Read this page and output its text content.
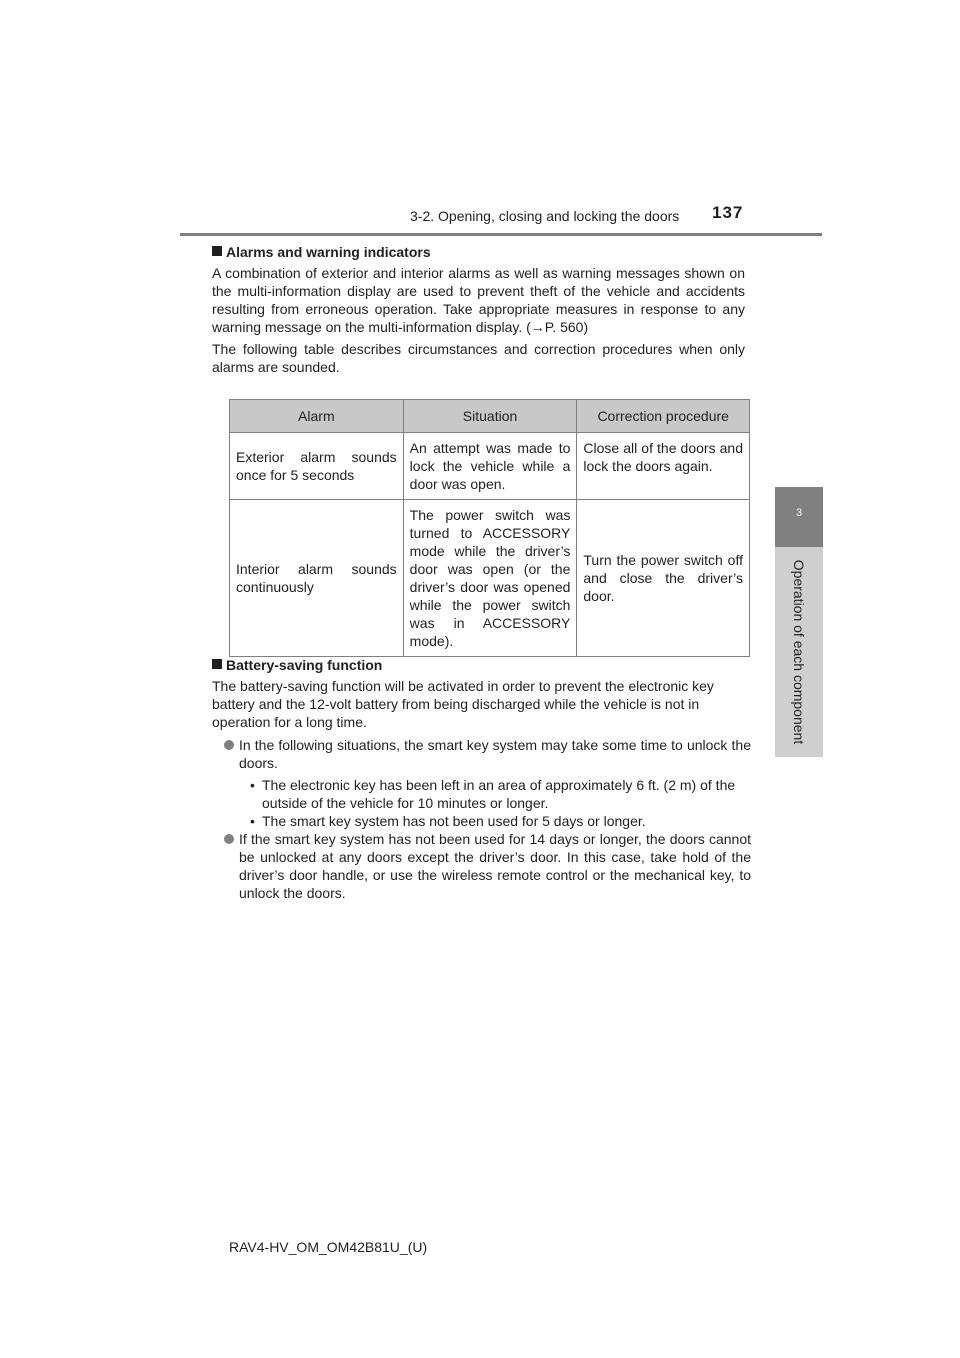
3-2. Opening, closing and locking the doors 137
3
Operation of each component
Alarms and warning indicators

A combination of exterior and interior alarms as well as warning messages shown on the multi-information display are used to prevent theft of the vehicle and accidents resulting from erroneous operation. Take appropriate measures in response to any warning message on the multi-information display. (→P. 560)

The following table describes circumstances and correction procedures when only alarms are sounded.

Alarm	Situation	Correction procedure
Exterior alarm sounds once for 5 seconds	An attempt was made to lock the vehicle while a door was open.	Close all of the doors and lock the doors again.
Interior alarm sounds continuously	The power switch was turned to ACCESSORY mode while the driver’s door was open (or the driver’s door was opened while the power switch was in ACCESSORY mode).	Turn the power switch off and close the driver’s door.
Battery-saving function

The battery-saving function will be activated in order to prevent the electronic key battery and the 12-volt battery from being discharged while the vehicle is not in operation for a long time.

In the following situations, the smart key system may take some time to unlock the doors.
• The electronic key has been left in an area of approximately 6 ft. (2 m) of the outside of the vehicle for 10 minutes or longer.
• The smart key system has not been used for 5 days or longer.
If the smart key system has not been used for 14 days or longer, the doors cannot be unlocked at any doors except the driver’s door. In this case, take hold of the driver’s door handle, or use the wireless remote control or the mechanical key, to unlock the doors.
RAV4-HV_OM_OM42B81U_(U)
